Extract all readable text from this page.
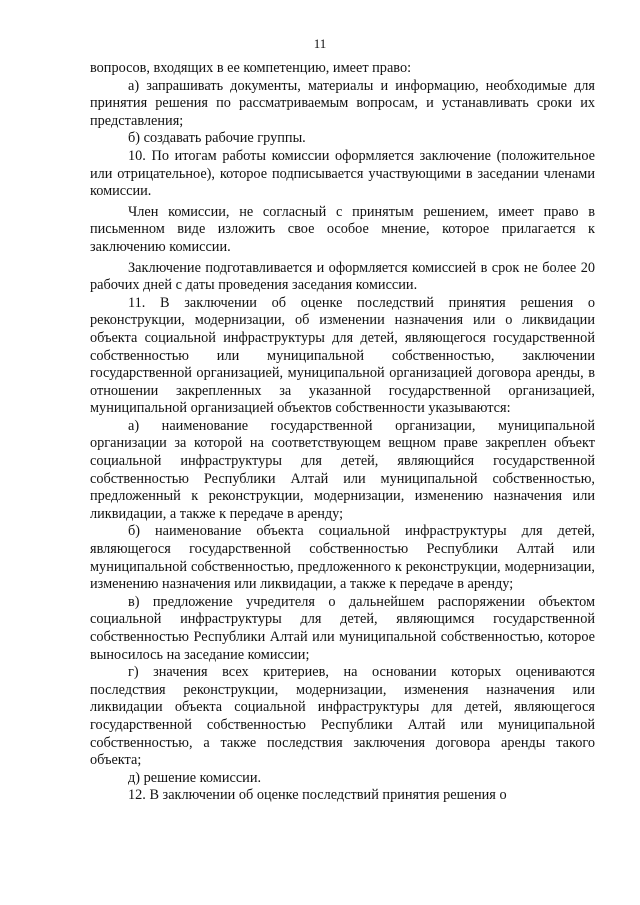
11

вопросов, входящих в ее компетенцию, имеет право:

а) запрашивать документы, материалы и информацию, необходимые для принятия решения по рассматриваемым вопросам, и устанавливать сроки их представления;

б) создавать рабочие группы.

10. По итогам работы комиссии оформляется заключение (положительное или отрицательное), которое подписывается участвующими в заседании членами комиссии.

Член комиссии, не согласный с принятым решением, имеет право в письменном виде изложить свое особое мнение, которое прилагается к заключению комиссии.

Заключение подготавливается и оформляется комиссией в срок не более 20 рабочих дней с даты проведения заседания комиссии.

11. В заключении об оценке последствий принятия решения о реконструкции, модернизации, об изменении назначения или о ликвидации объекта социальной инфраструктуры для детей, являющегося государственной собственностью или муниципальной собственностью, заключении государственной организацией, муниципальной организацией договора аренды, в отношении закрепленных за указанной государственной организацией, муниципальной организацией объектов собственности указываются:

а) наименование государственной организации, муниципальной организации за которой на соответствующем вещном праве закреплен объект социальной инфраструктуры для детей, являющийся государственной собственностью Республики Алтай или муниципальной собственностью, предложенный к реконструкции, модернизации, изменению назначения или ликвидации, а также к передаче в аренду;

б) наименование объекта социальной инфраструктуры для детей, являющегося государственной собственностью Республики Алтай или муниципальной собственностью, предложенного к реконструкции, модернизации, изменению назначения или ликвидации, а также к передаче в аренду;

в) предложение учредителя о дальнейшем распоряжении объектом социальной инфраструктуры для детей, являющимся государственной собственностью Республики Алтай или муниципальной собственностью, которое выносилось на заседание комиссии;

г) значения всех критериев, на основании которых оцениваются последствия реконструкции, модернизации, изменения назначения или ликвидации объекта социальной инфраструктуры для детей, являющегося государственной собственностью Республики Алтай или муниципальной собственностью, а также последствия заключения договора аренды такого объекта;

д) решение комиссии.

12. В заключении об оценке последствий принятия решения о
